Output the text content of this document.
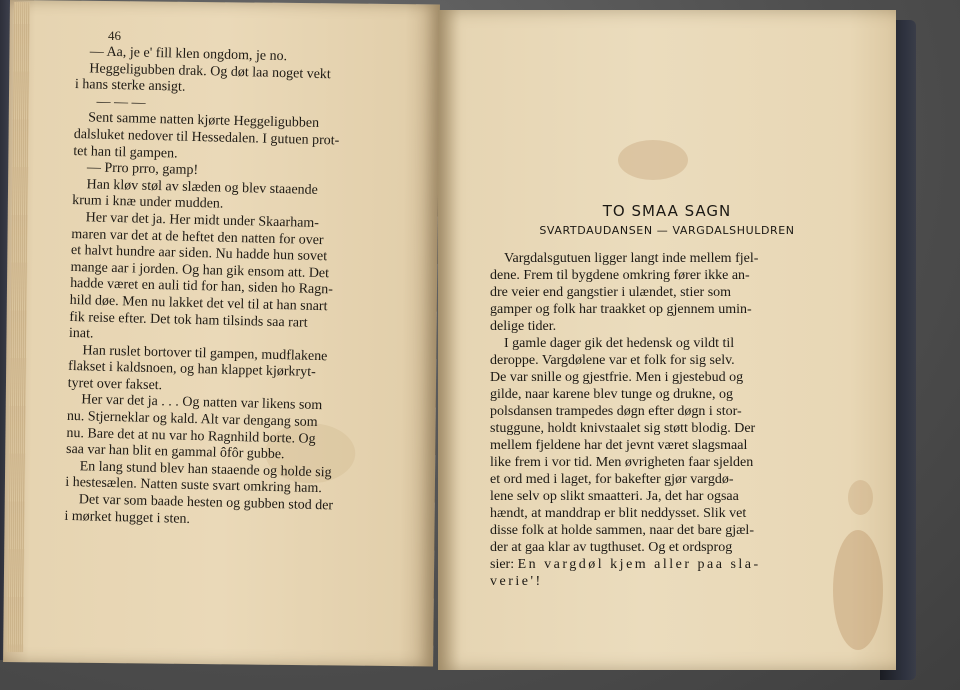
TO SMAA SAGN
SVARTDAUDANSEN — VARGDALSHULDREN

Vargdalsgutuen ligger langt inde mellem fjel-

dene. Frem til bygdene omkring fører ikke an-

dre veier end gangstier i ulændet, stier som

gamper og folk har traakket op gjennem umin-

delige tider.

I gamle dager gik det hedensk og vildt til

deroppe. Vargdølene var et folk for sig selv.

De var snille og gjestfrie. Men i gjestebud og

gilde, naar karene blev tunge og drukne, og

polsdansen trampedes døgn efter døgn i stor-

stuggune, holdt knivstaalet sig støtt blodig. Der

mellem fjeldene har det jevnt været slagsmaal

like frem i vor tid. Men øvrigheten faar sjelden

et ord med i laget, for bakefter gjør vargdø-

lene selv op slikt smaatteri. Ja, det har ogsaa

hændt, at manddrap er blit neddysset. Slik vet

disse folk at holde sammen, naar det bare gjæl-

der at gaa klar av tugthuset. Og et ordsprog

sier: En vargdøl kjem aller paa sla-

verie'!

46

— Aa, je e' fill klen ongdom, je no.

Heggeligubben drak. Og døt laa noget vekt

i hans sterke ansigt.

— — —

Sent samme natten kjørte Heggeligubben

dalsluket nedover til Hessedalen. I gutuen prot-

tet han til gampen.

— Prro prro, gamp!

Han kløv støl av slæden og blev staaende

krum i knæ under mudden.

Her var det ja. Her midt under Skaarham-

maren var det at de heftet den natten for over

et halvt hundre aar siden. Nu hadde hun sovet

mange aar i jorden. Og han gik ensom att. Det

hadde været en auli tid for han, siden ho Ragn-

hild døe. Men nu lakket det vel til at han snart

fik reise efter. Det tok ham tilsinds saa rart

inat.

Han ruslet bortover til gampen, mudflakene

flakset i kaldsnoen, og han klappet kjørkryt-

tyret over fakset.

Her var det ja . . . Og natten var likens som

nu. Stjerneklar og kald. Alt var dengang som

nu. Bare det at nu var ho Ragnhild borte. Og

saa var han blit en gammal ôfôr gubbe.

En lang stund blev han staaende og holde sig

i hestesælen. Natten suste svart omkring ham.

Det var som baade hesten og gubben stod der

i mørket hugget i sten.
